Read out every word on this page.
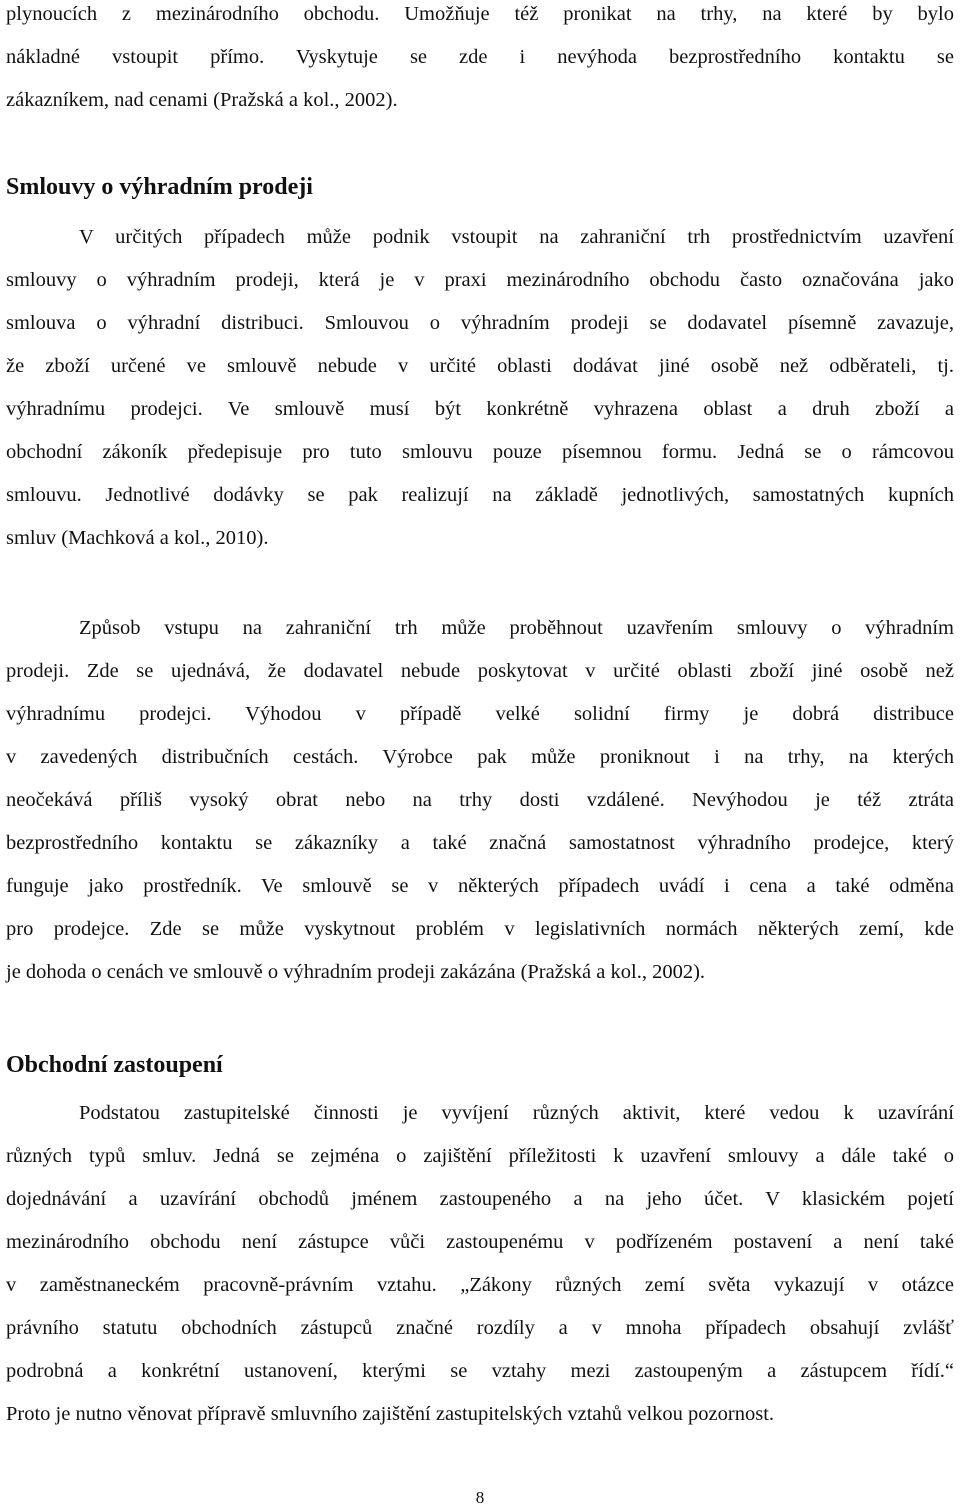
plynoucích z mezinárodního obchodu. Umožňuje též pronikat na trhy, na které by bylo
nákladné vstoupit přímo. Vyskytuje se zde i nevýhoda bezprostředního kontaktu se
zákazníkem, nad cenami (Pražská a kol., 2002).
Smlouvy o výhradním prodeji
V určitých případech může podnik vstoupit na zahraniční trh prostřednictvím uzavření
smlouvy o výhradním prodeji, která je v praxi mezinárodního obchodu často označována jako
smlouva o výhradní distribuci. Smlouvou o výhradním prodeji se dodavatel písemně zavazuje,
že zboží určené ve smlouvě nebude v určité oblasti dodávat jiné osobě než odběrateli, tj.
výhradnímu prodejci. Ve smlouvě musí být konkrétně vyhrazena oblast a druh zboží a
obchodní zákoník předepisuje pro tuto smlouvu pouze písemnou formu. Jedná se o rámcovou
smlouvu. Jednotlivé dodávky se pak realizují na základě jednotlivých, samostatných kupních
smluv (Machková a kol., 2010).
Způsob vstupu na zahraniční trh může proběhnout uzavřením smlouvy o výhradním
prodeji. Zde se ujednává, že dodavatel nebude poskytovat v určité oblasti zboží jiné osobě než
výhradnímu prodejci. Výhodou v případě velké solidní firmy je dobrá distribuce
v zavedených distribučních cestách. Výrobce pak může proniknout i na trhy, na kterých
neočekává příliš vysoký obrat nebo na trhy dosti vzdálené. Nevýhodou je též ztráta
bezprostředního kontaktu se zákazníky a také značná samostatnost výhradního prodejce, který
funguje jako prostředník. Ve smlouvě se v některých případech uvádí i cena a také odměna
pro prodejce. Zde se může vyskytnout problém v legislativních normách některých zemí, kde
je dohoda o cenách ve smlouvě o výhradním prodeji zakázána (Pražská a kol., 2002).
Obchodní zastoupení
Podstatou zastupitelské činnosti je vyvíjení různých aktivit, které vedou k uzavírání
různých typů smluv. Jedná se zejména o zajištění příležitosti k uzavření smlouvy a dále také o
dojednávání a uzavírání obchodů jménem zastoupeného a na jeho účet. V klasickém pojetí
mezinárodního obchodu není zástupce vůči zastoupenému v podřízeném postavení a není také
v zaměstnaneckém pracovně-právním vztahu. „Zákony různých zemí světa vykazují v otázce
právního statutu obchodních zástupců značné rozdíly a v mnoha případech obsahují zvlášť
podrobná a konkrétní ustanovení, kterými se vztahy mezi zastoupeným a zástupcem řídí.“
Proto je nutno věnovat přípravě smluvního zajištění zastupitelských vztahů velkou pozornost.
8
